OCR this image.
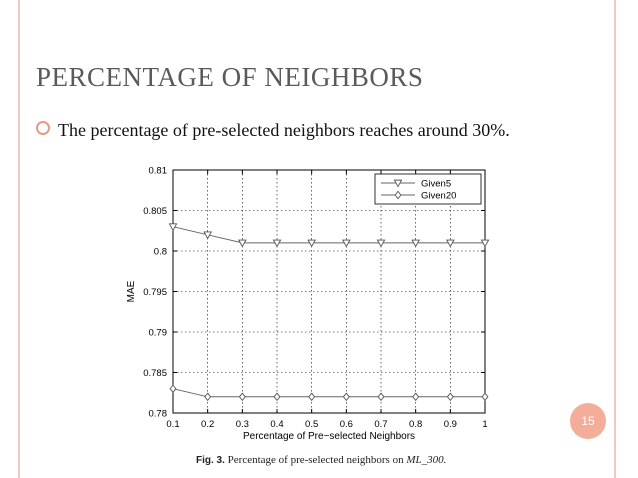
PERCENTAGE OF NEIGHBORS
The percentage of pre-selected neighbors reaches around 30%.
0.1 0.2 0.3 0.4 0.5 0.6 0.7 0.8 0.9	1
0.78
0.785
0.79
0.795
0.8
0.805
0.81
Percentage of Pre−selected Neighbors
MAE
Given5
Given20
Fig. 3. Percentage of pre-selected neighbors on ML_300.
15
